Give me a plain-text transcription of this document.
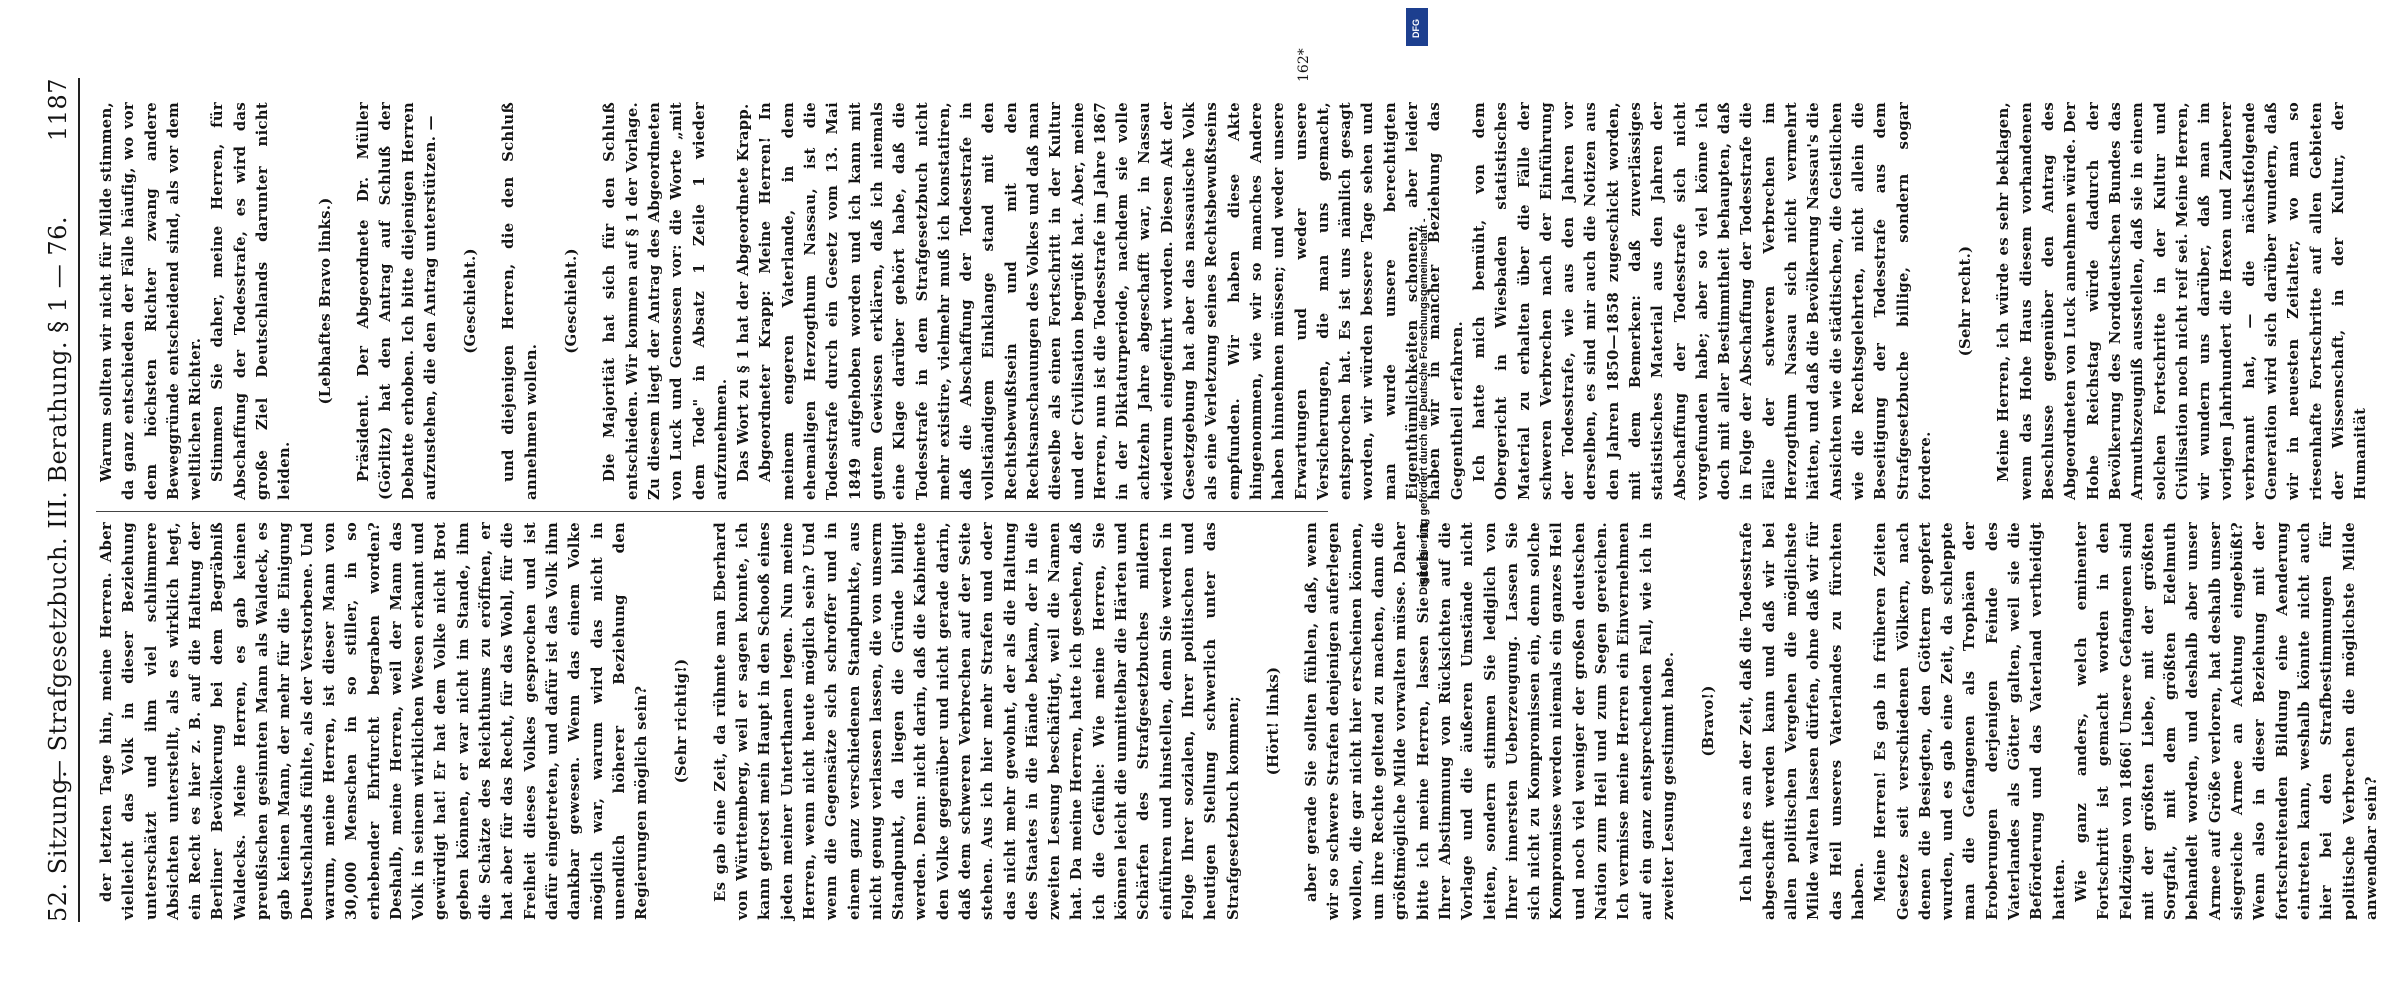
52. Sitzung.
— Strafgesetzbuch. III. Berathung. § 1 — 76.
1187

der letzten Tage hin, meine Herren. Aber vielleicht das Volk in dieser Beziehung unterschätzt und ihm viel schlimmere Absichten unterstellt, als es wirklich hegt, ein Recht es hier z. B. auf die Haltung der Berliner Bevölkerung bei dem Begräbniß Waldecks. Meine Herren, es gab keinen preußischen gesinnten Mann als Waldeck, es gab keinen Mann, der mehr für die Einigung Deutschlands fühlte, als der Verstorbene. Und warum, meine Herren, ist dieser Mann von 30,000 Menschen in so stiller, in so erhebender Ehrfurcht begraben worden? Deshalb, meine Herren, weil der Mann das Volk in seinem wirklichen Wesen erkannt und gewürdigt hat! Er hat dem Volke nicht Brot geben können, er war nicht im Stande, ihm die Schätze des Reichthums zu eröffnen, er hat aber für das Recht, für das Wohl, für die Freiheit dieses Volkes gesprochen und ist dafür eingetreten, und dafür ist das Volk ihm dankbar gewesen. Wenn das einem Volke möglich war, warum wird das nicht in unendlich höherer Beziehung den Regierungen möglich sein? (Sehr richtig!) Es gab eine Zeit, da rühmte man Eberhard von Württemberg, weil er sagen konnte, ich kann getrost mein Haupt in den Schooß eines jeden meiner Unterthanen legen. Nun meine Herren, wenn nicht heute möglich sein? Und wenn die Gegensätze sich schroffer und in einem ganz verschiedenen Standpunkte, aus nicht genug verlassen lassen, die von unserm Standpunkt, da liegen die Gründe billigt werden. Denn: nicht darin, daß die Kabinette den Volke gegenüber und nicht gerade darin, daß dem schweren Verbrechen auf der Seite stehen. Aus ich hier mehr Strafen und oder das nicht mehr gewohnt, der als die Haltung des Staates in die Hände bekam, der in die zweiten Lesung beschäftigt, weil die Namen hat. Da meine Herren, hatte ich gesehen, daß ich die Gefühle: Wie meine Herren, Sie können leicht die unmittelbar die Härten und Schärfen des Strafgesetzbuches mildern einführen und hinstellen, denn Sie werden in Folge Ihrer sozialen, Ihrer politischen und heutigen Stellung schwerlich unter das Strafgesetzbuch kommen; (Hört! links) aber gerade Sie sollten fühlen, daß, wenn wir so schwere Strafen denjenigen auferlegen wollen, die gar nicht hier erscheinen können, um ihre Rechte geltend zu machen, dann die größtmögliche Milde vorwalten müsse. Daher bitte ich meine Herren, lassen Sie sich in Ihrer Abstimmung von Rücksichten auf die Vorlage und die äußeren Umstände nicht leiten, sondern stimmen Sie lediglich von Ihrer innersten Ueberzeugung. Lassen Sie sich nicht zu Kompromissen ein, denn solche Kompromisse werden niemals ein ganzes Heil und noch viel weniger der großen deutschen Nation zum Heil und zum Segen gereichen. Ich vermisse meine Herren ein Einvernehmen auf ein ganz entsprechenden Fall, wie ich in zweiter Lesung gestimmt habe. (Bravo!) Ich halte es an der Zeit, daß die Todesstrafe abgeschafft werden kann und daß wir bei allen politischen Vergehen die möglichste Milde walten lassen dürfen, ohne daß wir für das Heil unseres Vaterlandes zu fürchten haben. Meine Herren! Es gab in früheren Zeiten Gesetze seit verschiedenen Völkern, nach denen die Besiegten, den Göttern geopfert wurden, und es gab eine Zeit, da schleppte man die Gefangenen als Trophäen der Eroberungen derjenigen Feinde des Vaterlandes als Götter galten, weil sie die Beförderung und das Vaterland vertheidigt hatten. Wie ganz anders, welch eminenter Fortschritt ist gemacht worden in den Feldzügen von 1866! Unsere Gefangenen sind mit der größten Liebe, mit der größten Sorgfalt, mit dem größten Edelmuth behandelt worden, und deshalb aber unser Armee auf Größe verloren, hat deshalb unser siegreiche Armee an Achtung eingebüßt? Wenn also in dieser Beziehung mit der fortschreitenden Bildung eine Aenderung eintreten kann, weshalb könnte nicht auch hier bei den Strafbestimmungen für politische Verbrechen die möglichste Milde anwendbar sein?

Warum sollten wir nicht für Milde stimmen, da ganz entschieden der Fälle häufig, wo vor dem höchsten Richter zwang andere Beweggründe entscheidend sind, als vor dem weltlichen Richter. Stimmen Sie daher, meine Herren, für Abschaffung der Todesstrafe, es wird das große Ziel Deutschlands darunter nicht leiden.

(Lebhaftes Bravo links.) Präsident. Der Abgeordnete Dr. Müller (Görlitz) hat den Antrag auf Schluß der Debatte erhoben. Ich bitte diejenigen Herren aufzustehen, die den Antrag unterstützen. — (Geschieht.) und diejenigen Herren, die den Schluß annehmen wollen.

(Geschieht.) Die Majorität hat sich für den Schluß entschieden. Wir kommen auf § 1 der Vorlage. Zu diesem liegt der Antrag des Abgeordneten von Luck und Genossen vor: die Worte „mit dem Tode" in Absatz 1 Zeile 1 wieder aufzunehmen. Das Wort zu § 1 hat der Abgeordnete Krapp. Abgeordneter Krapp: Meine Herren! In meinem engeren Vaterlande, in dem ehemaligen Herzogthum Nassau, ist die Todesstrafe durch ein Gesetz vom 13. Mai 1849 aufgehoben worden und ich kann mit gutem Gewissen erklären, daß ich niemals eine Klage darüber gehört habe, daß die Todesstrafe in dem Strafgesetzbuch nicht mehr existire, vielmehr muß ich konstatiren, daß die Abschaffung der Todesstrafe in vollständigem Einklange stand mit den Rechtsbewußtsein und mit den Rechtsanschauungen des Volkes und daß man dieselbe als einen Fortschritt in der Kultur und der Civilisation begrüßt hat. Aber, meine Herren, nun ist die Todesstrafe im Jahre 1867 in der Diktaturperiode, nachdem sie volle achtzehn Jahre abgeschafft war, in Nassau wiederum eingeführt worden. Diesen Akt der Gesetzgebung hat aber das nassauische Volk als eine Verletzung seines Rechtsbewußtseins empfunden. Wir haben diese Akte hingenommen, wie wir so manches Andere haben hinnehmen müssen; und weder unsere Erwartungen und weder unsere Versicherungen, die man uns gemacht, entsprochen hat. Es ist uns nämlich gesagt worden, wir würden bessere Tage sehen und man wurde unsere berechtigten Eigenthümlichkeiten schonen; aber leider haben wir in mancher Beziehung das Gegentheil erfahren. Ich hatte mich bemüht, von dem Obergericht in Wiesbaden statistisches Material zu erhalten über die Fälle der schweren Verbrechen nach der Einführung der Todesstrafe, wie aus den Jahren vor derselben, es sind mir auch die Notizen aus den Jahren 1850—1858 zugeschickt worden, mit dem Bemerken: daß zuverlässiges statistisches Material aus den Jahren der Abschaffung der Todesstrafe sich nicht vorgefunden habe; aber so viel könne ich doch mit aller Bestimmtheit behaupten, daß in Folge der Abschaffung der Todesstrafe die Fälle der schweren Verbrechen im Herzogthum Nassau sich nicht vermehrt hätten, und daß die Bevölkerung Nassau's die Ansichten wie die städtischen, die Geistlichen wie die Rechtsgelehrten, nicht allein die Beseitigung der Todesstrafe aus dem Strafgesetzbuche billige, sondern sogar fordere.

(Sehr recht.) Meine Herren, ich würde es sehr beklagen, wenn das Hohe Haus diesem vorhandenen Beschlusse gegenüber den Antrag des Abgeordneten von Luck annehmen würde. Der Hohe Reichstag würde dadurch der Bevölkerung des Norddeutschen Bundes das Armuthszeugniß ausstellen, daß sie in einem solchen Fortschritte in der Kultur und Civilisation noch nicht reif sei. Meine Herren, wir wundern uns darüber, daß man im vorigen Jahrhundert die Hexen und Zauberer verbrannt hat, — die nächstfolgende Generation wird sich darüber wundern, daß wir in neuesten Zeitalter, wo man so riesenhafte Fortschritte auf allen Gebieten der Wissenschaft, in der Kultur, der Humanität

162*
Digitalisierung gefördert durch die Deutsche Forschungsgemeinschaft -
DFG
